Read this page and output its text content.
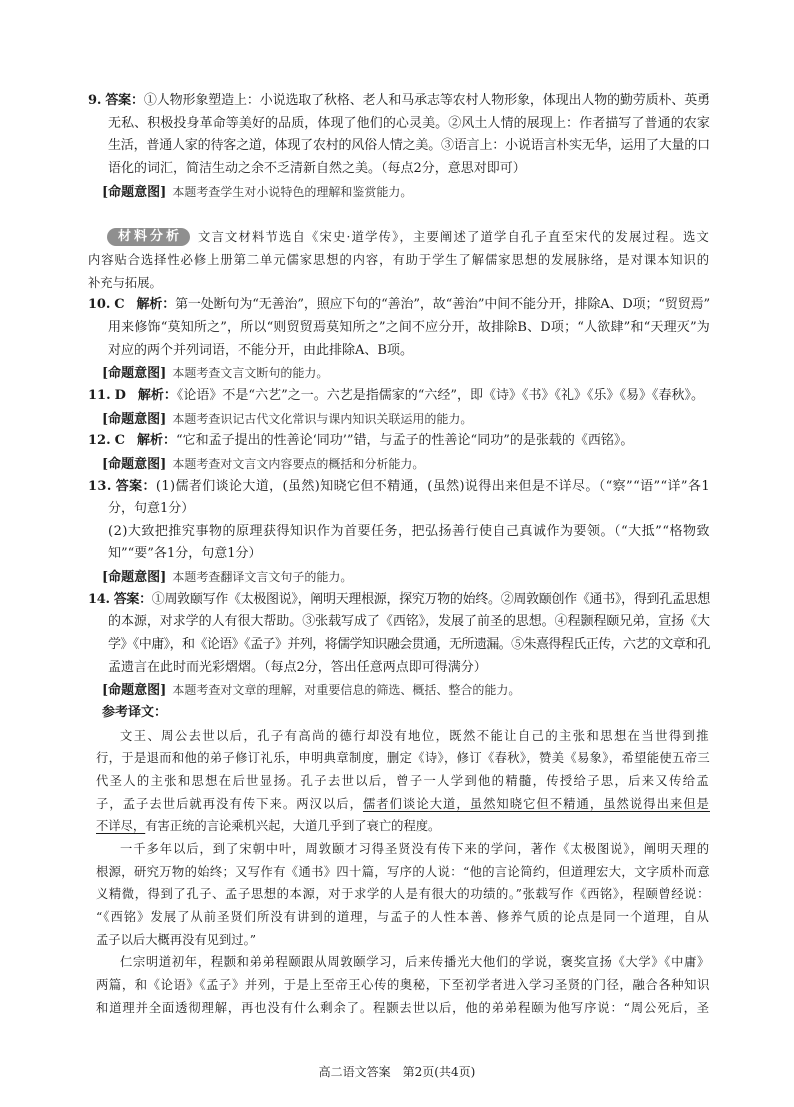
9. 答案：①人物形象塑造上：小说选取了秋格、老人和马承志等农村人物形象，体现出人物的勤劳质朴、英勇
无私、积极投身革命等美好的品质，体现了他们的心灵美。②风土人情的展现上：作者描写了普通的农家
生活，普通人家的待客之道，体现了农村的风俗人情之美。③语言上：小说语言朴实无华，运用了大量的口
语化的词汇，简洁生动之余不乏清新自然之美。（每点2分，意思对即可）
[命题意图] 本题考查学生对小说特色的理解和鉴赏能力。
材料分析 文言文材料节选自《宋史·道学传》，主要阐述了道学自孔子直至宋代的发展过程。选文
内容贴合选择性必修上册第二单元儒家思想的内容，有助于学生了解儒家思想的发展脉络，是对课本知识的
补充与拓展。
10. C 解析：第一处断句为“无善治”，照应下句的“善治”，故“善治”中间不能分开，排除A、D项；“贸贸焉”
用来修饰“莫知所之”，所以“则贸贸焉莫知所之”之间不应分开，故排除B、D项；“人欲肆”和“天理灭”为
对应的两个并列词语，不能分开，由此排除A、B项。
[命题意图] 本题考查文言文断句的能力。
11. D 解析：《论语》不是“六艺”之一。六艺是指儒家的“六经”，即《诗》《书》《礼》《乐》《易》《春秋》。
[命题意图] 本题考查识记古代文化常识与课内知识关联运用的能力。
12. C 解析：“它和孟子提出的性善论‘同功’”错，与孟子的性善论“同功”的是张载的《西铭》。
[命题意图] 本题考查对文言文内容要点的概括和分析能力。
13. 答案：(1)儒者们谈论大道，(虽然)知晓它但不精通，(虽然)说得出来但是不详尽。（“察”“语”“详”各1
分，句意1分）
(2)大致把推究事物的原理获得知识作为首要任务，把弘扬善行使自己真诚作为要领。（“大抵”“格物致
知”“要”各1分，句意1分）
[命题意图] 本题考查翻译文言文句子的能力。
14. 答案：①周敦颐写作《太极图说》，阐明天理根源，探究万物的始终。②周敦颐创作《通书》，得到孔孟思想
的本源，对求学的人有很大帮助。③张载写成了《西铭》，发展了前圣的思想。④程颢程颐兄弟，宣扬《大
学》《中庸》，和《论语》《孟子》并列，将儒学知识融会贯通，无所遗漏。⑤朱熹得程氏正传，六艺的文章和孔
孟遗言在此时而光彩熠熠。（每点2分，答出任意两点即可得满分）
[命题意图] 本题考查对文章的理解，对重要信息的筛选、概括、整合的能力。
参考译文：
文王、周公去世以后，孔子有高尚的德行却没有地位，既然不能让自己的主张和思想在当世得到推
行，于是退而和他的弟子修订礼乐，申明典章制度，删定《诗》，修订《春秋》，赞美《易象》，希望能使五帝三
代圣人的主张和思想在后世显扬。孔子去世以后，曾子一人学到他的精髓，传授给子思，后来又传给孟
子，孟子去世后就再没有传下来。两汉以后，儒者们谈论大道，虽然知晓它但不精通，虽然说得出来但是
不详尽，有害正统的言论乘机兴起，大道几乎到了衰亡的程度。
一千多年以后，到了宋朝中叶，周敦颐才习得圣贤没有传下来的学问，著作《太极图说》，阐明天理的
根源，研究万物的始终；又写作有《通书》四十篇，写序的人说：“他的言论简约，但道理宏大，文字质朴而意
义精微，得到了孔子、孟子思想的本源，对于求学的人是有很大的功绩的。”张载写作《西铭》，程颐曾经说：
“《西铭》发展了从前圣贤们所没有讲到的道理，与孟子的人性本善、修养气质的论点是同一个道理，自从
孟子以后大概再没有见到过。”
仁宗明道初年，程颢和弟弟程颐跟从周敦颐学习，后来传播光大他们的学说，褒奖宣扬《大学》《中庸》
两篇，和《论语》《孟子》并列，于是上至帝王心传的奥秘，下至初学者进入学习圣贤的门径，融合各种知识
和道理并全面透彻理解，再也没有什么剩余了。程颢去世以后，他的弟弟程颐为他写序说：“周公死后，圣
高二语文答案　第2页(共4页)
